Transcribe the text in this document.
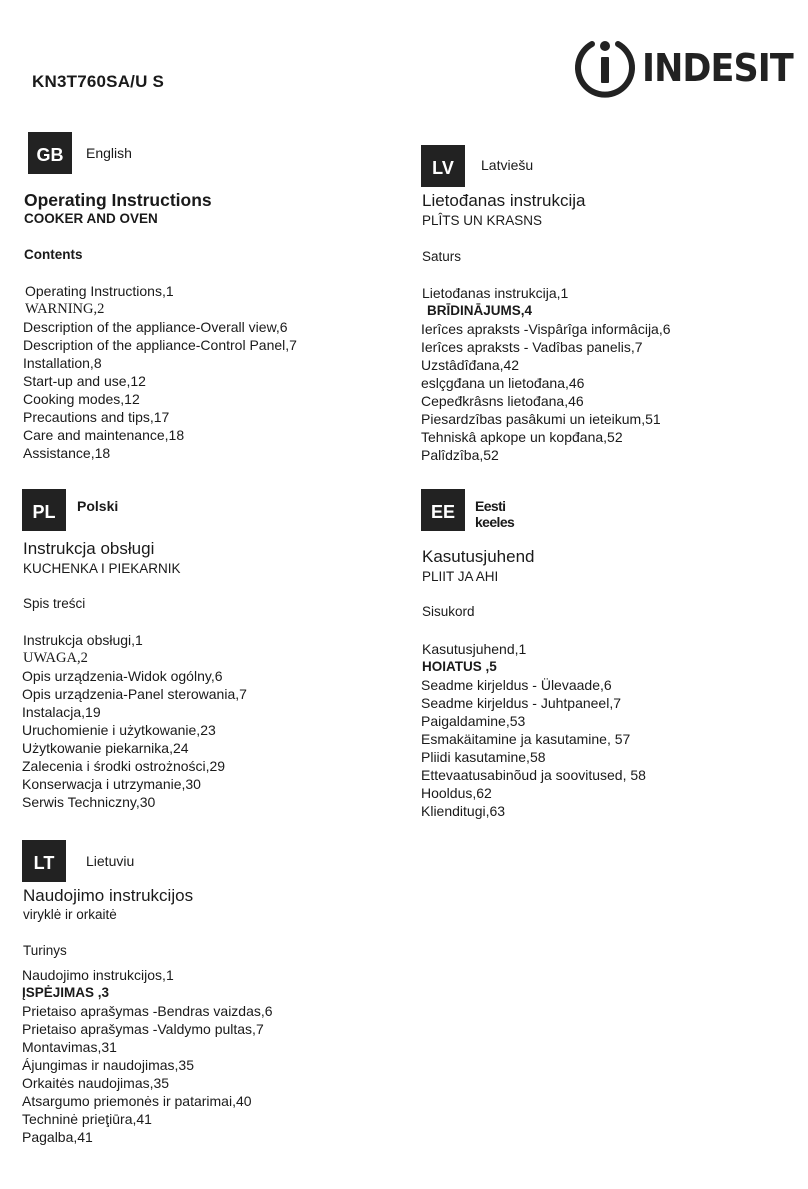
KN3T760SA/U S	INDESIT
GB	English
Operating Instructions
COOKER AND OVEN
Contents
Operating Instructions,1
WARNING,2
Description of the appliance-Overall view,6
Description of the appliance-Control Panel,7
Installation,8
Start-up and use,12
Cooking modes,12
Precautions and tips,17
Care and maintenance,18
Assistance,18
LV	Latviešu
Lietođanas instrukcija
PLÎTS UN KRASNS
Saturs
Lietođanas instrukcija,1
BRĪDINĀJUMS,4
Ierîces apraksts -Vispârîga informâcija,6
Ierîces apraksts - Vadîbas panelis,7
Uzstâdîđana,42
eslçgđana un lietođana,46
Cepeđkrâsns lietođana,46
Piesardzîbas pasâkumi un ieteikum,51
Tehniskâ apkope un kopđana,52
Palîdzîba,52
PL	Polski
Instrukcja obsługi
KUCHENKA I PIEKARNIK
Spis treści
Instrukcja obsługi,1
UWAGA,2
Opis urządzenia-Widok ogólny,6
Opis urządzenia-Panel sterowania,7
Instalacja,19
Uruchomienie i użytkowanie,23
Użytkowanie piekarnika,24
Zalecenia i środki ostrożności,29
Konserwacja i utrzymanie,30
Serwis Techniczny,30
EE	Eesti keeles
Kasutusjuhend
PLIIT JA AHI
Sisukord
Kasutusjuhend,1
HOIATUS ,5
Seadme kirjeldus - Ülevaade,6
Seadme kirjeldus - Juhtpaneel,7
Paigaldamine,53
Esmakäitamine ja kasutamine, 57
Pliidi kasutamine,58
Ettevaatusabinõud ja soovitused, 58
Hooldus,62
Klienditugi,63
LT	Lietuviu
Naudojimo instrukcijos
viryklė ir orkaitė
Turinys
Naudojimo instrukcijos,1
ĮSPĖJIMAS ,3
Prietaiso aprašymas -Bendras vaizdas,6
Prietaiso aprašymas -Valdymo pultas,7
Montavimas,31
Ájungimas ir naudojimas,35
Orkaitės naudojimas,35
Atsargumo priemonės ir patarimai,40
Techninė prieţiūra,41
Pagalba,41
